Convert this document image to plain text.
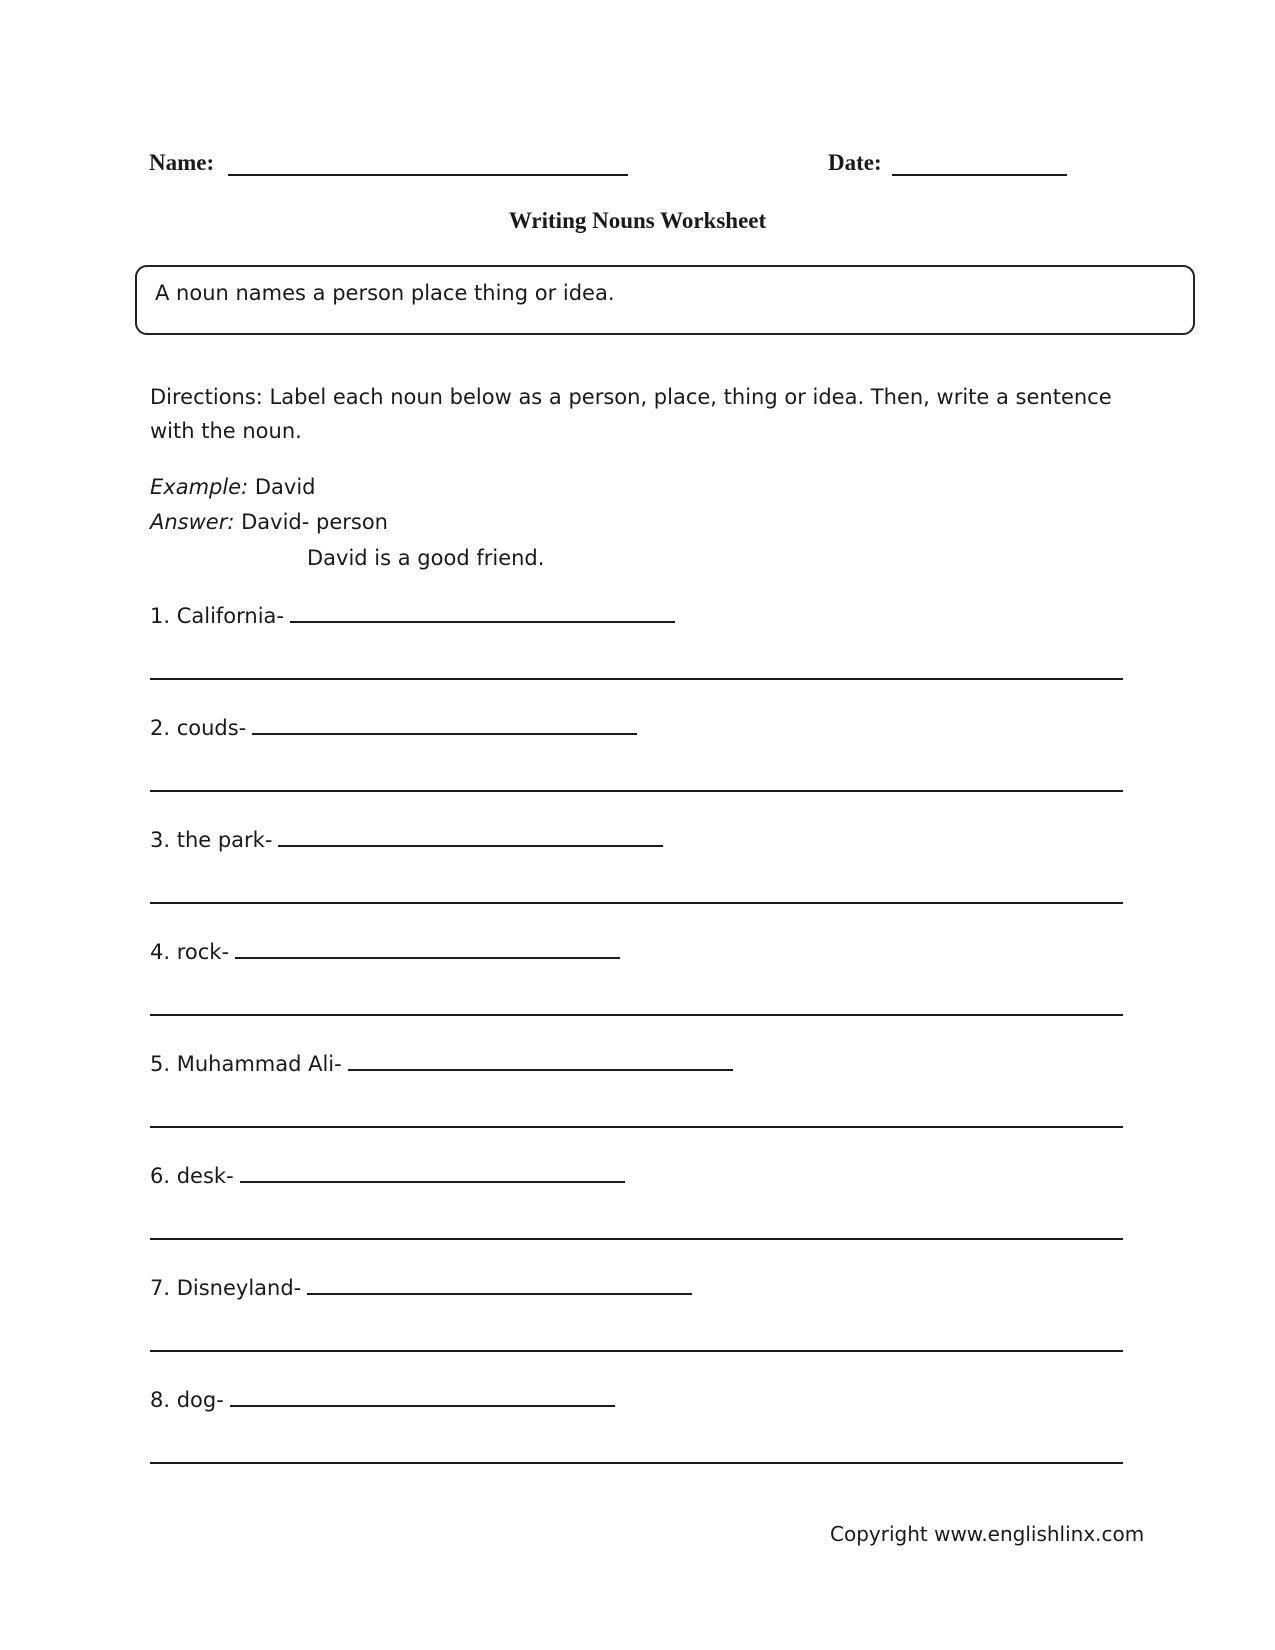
Name:	Date:
Writing Nouns Worksheet
A noun names a person place thing or idea.
Directions: Label each noun below as a person, place, thing or idea. Then, write a sentence with the noun.
Example: David
Answer: David- person
David is a good friend.
1. California-
2. couds-
3. the park-
4. rock-
5. Muhammad Ali-
6. desk-
7. Disneyland-
8. dog-
Copyright www.englishlinx.com
